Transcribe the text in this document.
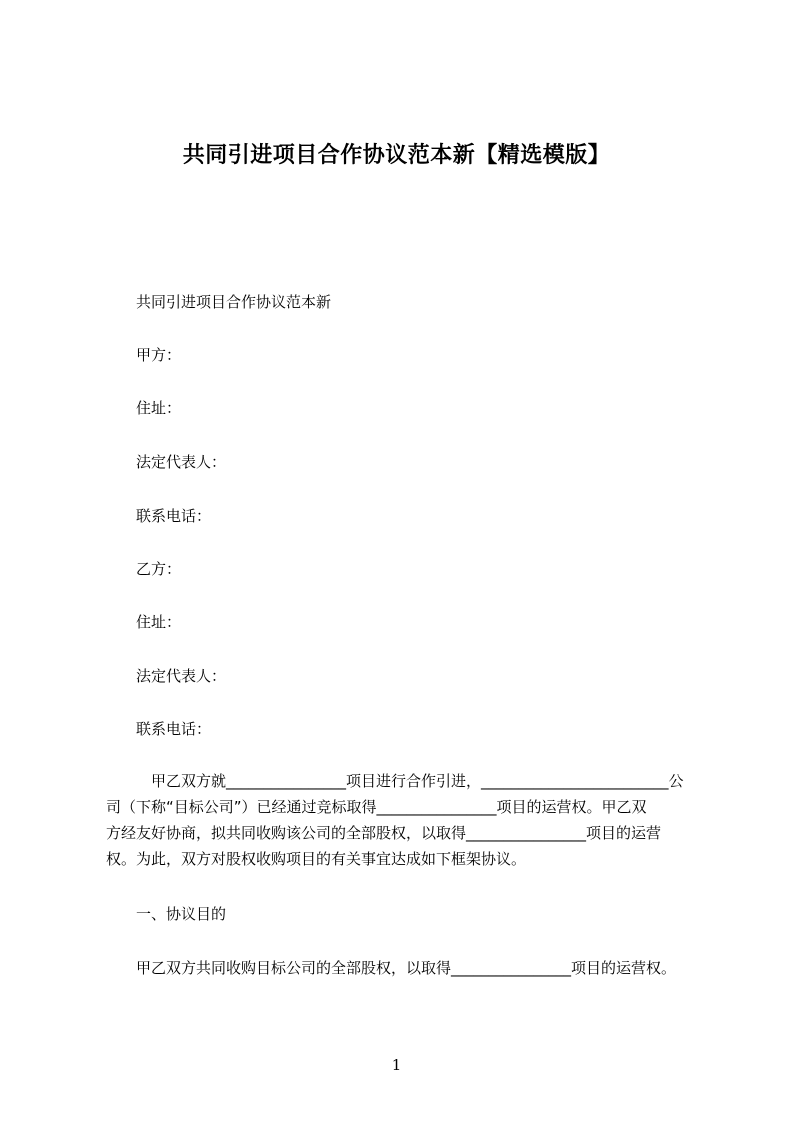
共同引进项目合作协议范本新【精选模版】

共同引进项目合作协议范本新

甲方：

住址：

法定代表人：

联系电话：

乙方：

住址：

法定代表人：

联系电话：

　甲乙双方就________________项目进行合作引进，_________________________公
司（下称“目标公司”）已经通过竞标取得________________项目的运营权。甲乙双
方经友好协商，拟共同收购该公司的全部股权，以取得________________项目的运营
权。为此，双方对股权收购项目的有关事宜达成如下框架协议。

一、协议目的

甲乙双方共同收购目标公司的全部股权，以取得________________项目的运营权。

1
